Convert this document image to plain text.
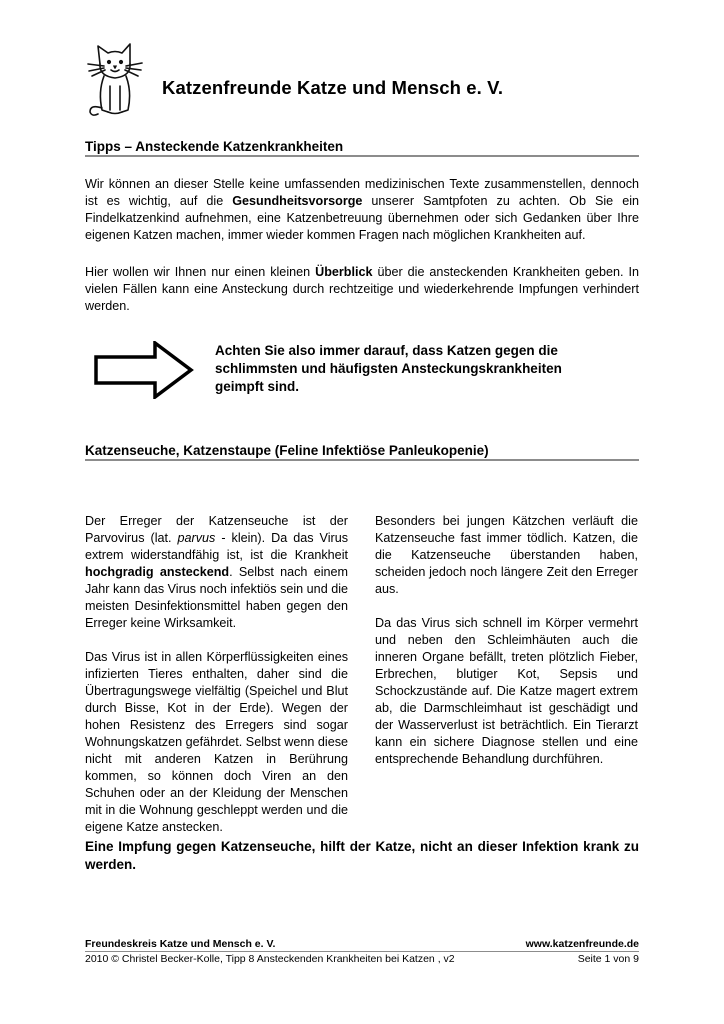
Katzenfreunde Katze und Mensch e. V.
Tipps – Ansteckende Katzenkrankheiten
Wir können an dieser Stelle keine umfassenden medizinischen Texte zusammenstellen, dennoch ist es wichtig, auf die Gesundheitsvorsorge unserer Samtpfoten zu achten. Ob Sie ein Findelkatzenkind aufnehmen, eine Katzenbetreuung übernehmen oder sich Gedanken über Ihre eigenen Katzen machen, immer wieder kommen Fragen nach möglichen Krankheiten auf.
Hier wollen wir Ihnen nur einen kleinen Überblick über die ansteckenden Krankheiten geben. In vielen Fällen kann eine Ansteckung durch rechtzeitige und wiederkehrende Impfungen verhindert werden.
Achten Sie also immer darauf, dass Katzen gegen die schlimmsten und häufigsten Ansteckungskrankheiten geimpft sind.
Katzenseuche, Katzenstaupe (Feline Infektiöse Panleukopenie)

Der Erreger der Katzenseuche ist der Parvovirus (lat. parvus - klein). Da das Virus extrem widerstandfähig ist, ist die Krankheit hochgradig ansteckend. Selbst nach einem Jahr kann das Virus noch infektiös sein und die meisten Desinfektionsmittel haben gegen den Erreger keine Wirksamkeit.

Das Virus ist in allen Körperflüssigkeiten eines infizierten Tieres enthalten, daher sind die Übertragungswege vielfältig (Speichel und Blut durch Bisse, Kot in der Erde). Wegen der hohen Resistenz des Erregers sind sogar Wohnungskatzen gefährdet. Selbst wenn diese nicht mit anderen Katzen in Berührung kommen, so können doch Viren an den Schuhen oder an der Kleidung der Menschen mit in die Wohnung geschleppt werden und die eigene Katze anstecken.

Besonders bei jungen Kätzchen verläuft die Katzenseuche fast immer tödlich. Katzen, die die Katzenseuche überstanden haben, scheiden jedoch noch längere Zeit den Erreger aus.

Da das Virus sich schnell im Körper vermehrt und neben den Schleimhäuten auch die inneren Organe befällt, treten plötzlich Fieber, Erbrechen, blutiger Kot, Sepsis und Schockzustände auf. Die Katze magert extrem ab, die Darmschleimhaut ist geschädigt und der Wasserverlust ist beträchtlich. Ein Tierarzt kann ein sichere Diagnose stellen und eine entsprechende Behandlung durchführen.

Eine Impfung gegen Katzenseuche, hilft der Katze, nicht an dieser Infektion krank zu werden.
Freundeskreis Katze und Mensch e. V.	www.katzenfreunde.de
2010 © Christel Becker-Kolle, Tipp 8 Ansteckenden Krankheiten bei Katzen , v2	Seite 1 von 9
